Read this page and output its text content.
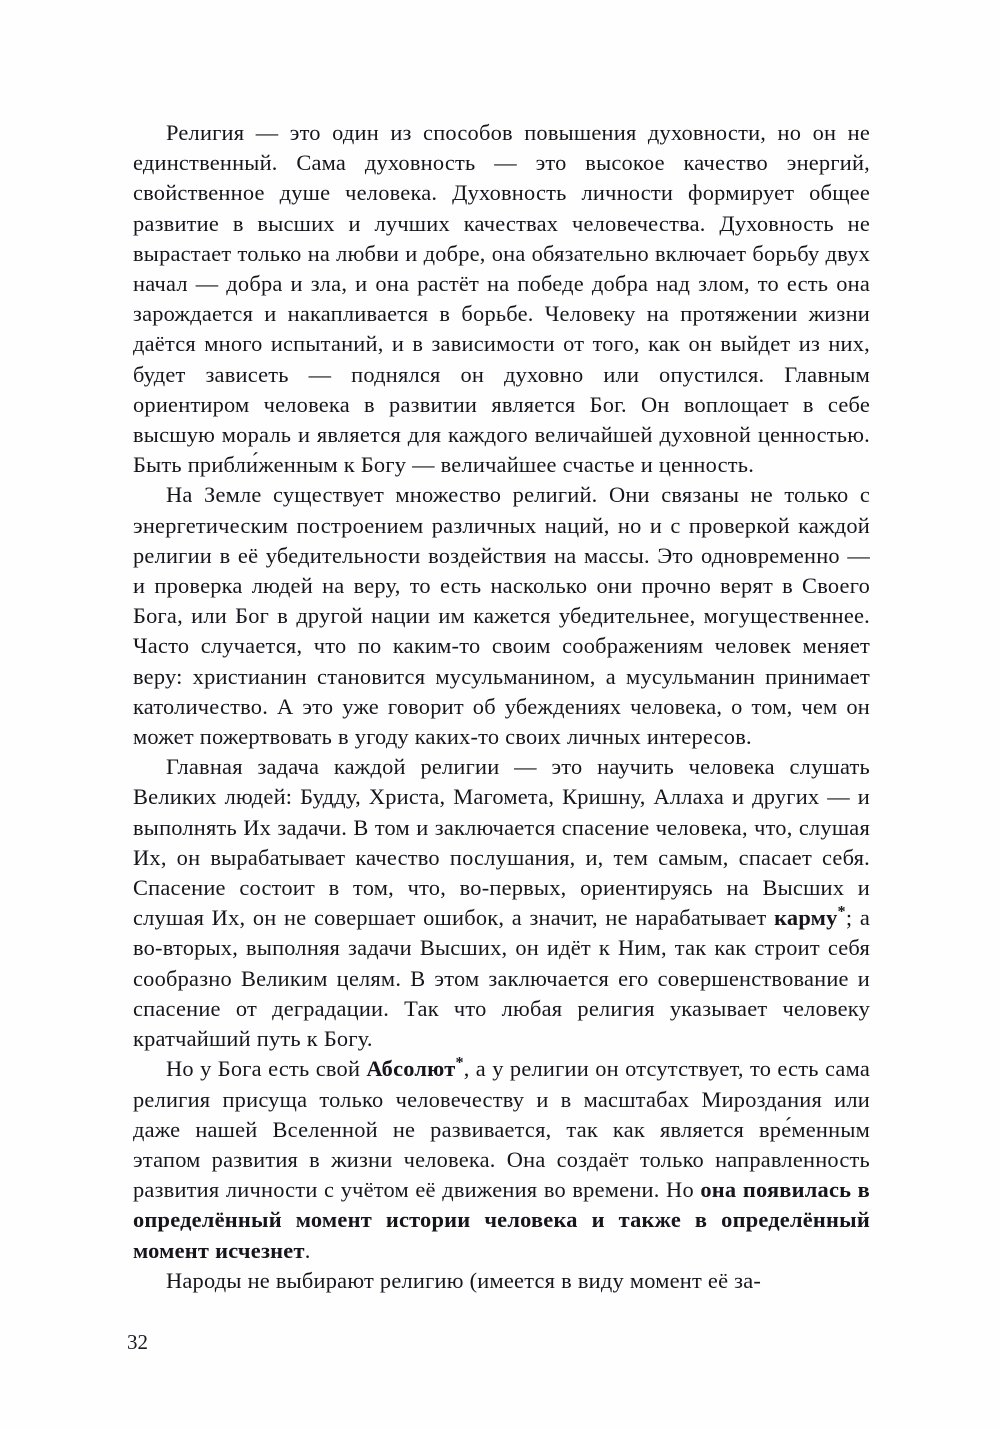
Религия — это один из способов повышения духовности, но он не единственный. Сама духовность — это высокое качество энергий, свойственное душе человека. Духовность личности формирует общее развитие в высших и лучших качествах человечества. Духовность не вырастает только на любви и добре, она обязательно включает борьбу двух начал — добра и зла, и она растёт на победе добра над злом, то есть она зарождается и накапливается в борьбе. Человеку на протяжении жизни даётся много испытаний, и в зависимости от того, как он выйдет из них, будет зависеть — поднялся он духовно или опустился. Главным ориентиром человека в развитии является Бог. Он воплощает в себе высшую мораль и является для каждого величайшей духовной ценностью. Быть прибли́женным к Богу — величайшее счастье и ценность.

На Земле существует множество религий. Они связаны не только с энергетическим построением различных наций, но и с проверкой каждой религии в её убедительности воздействия на массы. Это одновременно — и проверка людей на веру, то есть насколько они прочно верят в Своего Бога, или Бог в другой нации им кажется убедительнее, могущественнее. Часто случается, что по каким-то своим соображениям человек меняет веру: христианин становится мусульманином, а мусульманин принимает католичество. А это уже говорит об убеждениях человека, о том, чем он может пожертвовать в угоду каких-то своих личных интересов.

Главная задача каждой религии — это научить человека слушать Великих людей: Будду, Христа, Магомета, Кришну, Аллаха и других — и выполнять Их задачи. В том и заключается спасение человека, что, слушая Их, он вырабатывает качество послушания, и, тем самым, спасает себя. Спасение состоит в том, что, во-первых, ориентируясь на Высших и слушая Их, он не совершает ошибок, а значит, не нарабатывает карму*; а во-вторых, выполняя задачи Высших, он идёт к Ним, так как строит себя сообразно Великим целям. В этом заключается его совершенствование и спасение от деградации. Так что любая религия указывает человеку кратчайший путь к Богу.

Но у Бога есть свой Абсолют*, а у религии он отсутствует, то есть сама религия присуща только человечеству и в масштабах Мироздания или даже нашей Вселенной не развивается, так как является вре́менным этапом развития в жизни человека. Она создаёт только направленность развития личности с учётом её движения во времени. Но она появилась в определённый момент истории человека и также в определённый момент исчезнет.

Народы не выбирают религию (имеется в виду момент её за-

32
